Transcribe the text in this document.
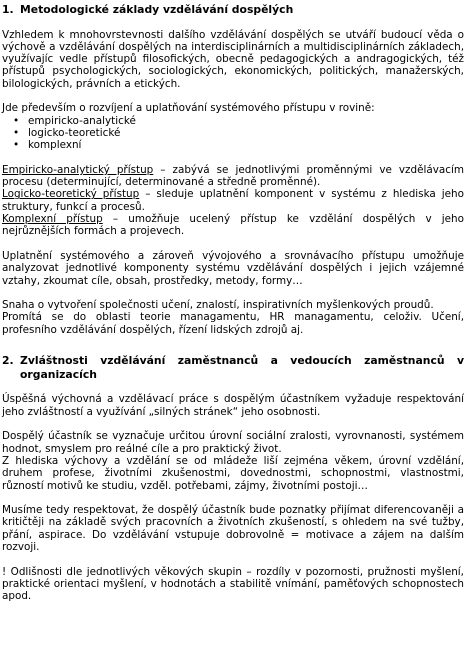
1. Metodologické základy vzdělávání dospělých

Vzhledem k mnohovrstevnosti dalšího vzdělávání dospělých se utváří budoucí věda o výchově a vzdělávání dospělých na interdisciplinárních a multidisciplinárních základech, využívajíc vedle přístupů filosofických, obecně pedagogických a andragogických, též přístupů psychologických, sociologických, ekonomických, politických, manažerských, bilologických, právních a etických.

Jde především o rozvíjení a uplatňování systémového přístupu v rovině:

• empiricko-analytické
• logicko-teoretické
• komplexní

Empiricko-analytický přístup – zabývá se jednotlivými proměnnými ve vzdělávacím procesu (determinující, determinované a středně proměnné).

Logicko-teoretický přístup – sleduje uplatnění komponent v systému z hlediska jeho struktury, funkcí a procesů.

Komplexní přístup – umožňuje ucelený přístup ke vzdělání dospělých v jeho nejrůznějších formách a projevech.

Uplatnění systémového a zároveň vývojového a srovnávacího přístupu umožňuje analyzovat jednotlivé komponenty systému vzdělávání dospělých i jejich vzájemné vztahy, zkoumat cíle, obsah, prostředky, metody, formy…

Snaha o vytvoření společnosti učení, znalostí, inspirativních myšlenkových proudů.

Promítá se do oblasti teorie managamentu, HR managamentu, celoživ. Učení, profesního vzdělávání dospělých, řízení lidských zdrojů aj.

2. Zvláštnosti vzdělávání zaměstnanců a vedoucích zaměstnanců v organizacích

Úspěšná výchovná a vzdělávací práce s dospělým účastníkem vyžaduje respektování jeho zvláštností a využívání „silných stránek“ jeho osobnosti.

Dospělý účastník se vyznačuje určitou úrovní sociální zralosti, vyrovnanosti, systémem hodnot, smyslem pro reálné cíle a pro praktický život.

Z hlediska výchovy a vzdělání se od mládeže liší zejména věkem, úrovní vzdělání, druhem profese, životními zkušenostmi, dovednostmi, schopnostmi, vlastnostmi, růzností motivů ke studiu, vzděl. potřebami, zájmy, životními postoji…

Musíme tedy respektovat, že dospělý účastník bude poznatky přijímat diferencovaněji a kritičtěji na základě svých pracovních a životních zkušeností, s ohledem na své tužby, přání, aspirace. Do vzdělávání vstupuje dobrovolně = motivace a zájem na dalším rozvoji.

! Odlišnosti dle jednotlivých věkových skupin – rozdíly v pozornosti, pružnosti myšlení, praktické orientaci myšlení, v hodnotách a stabilitě vnímání, paměťových schopnostech apod.
